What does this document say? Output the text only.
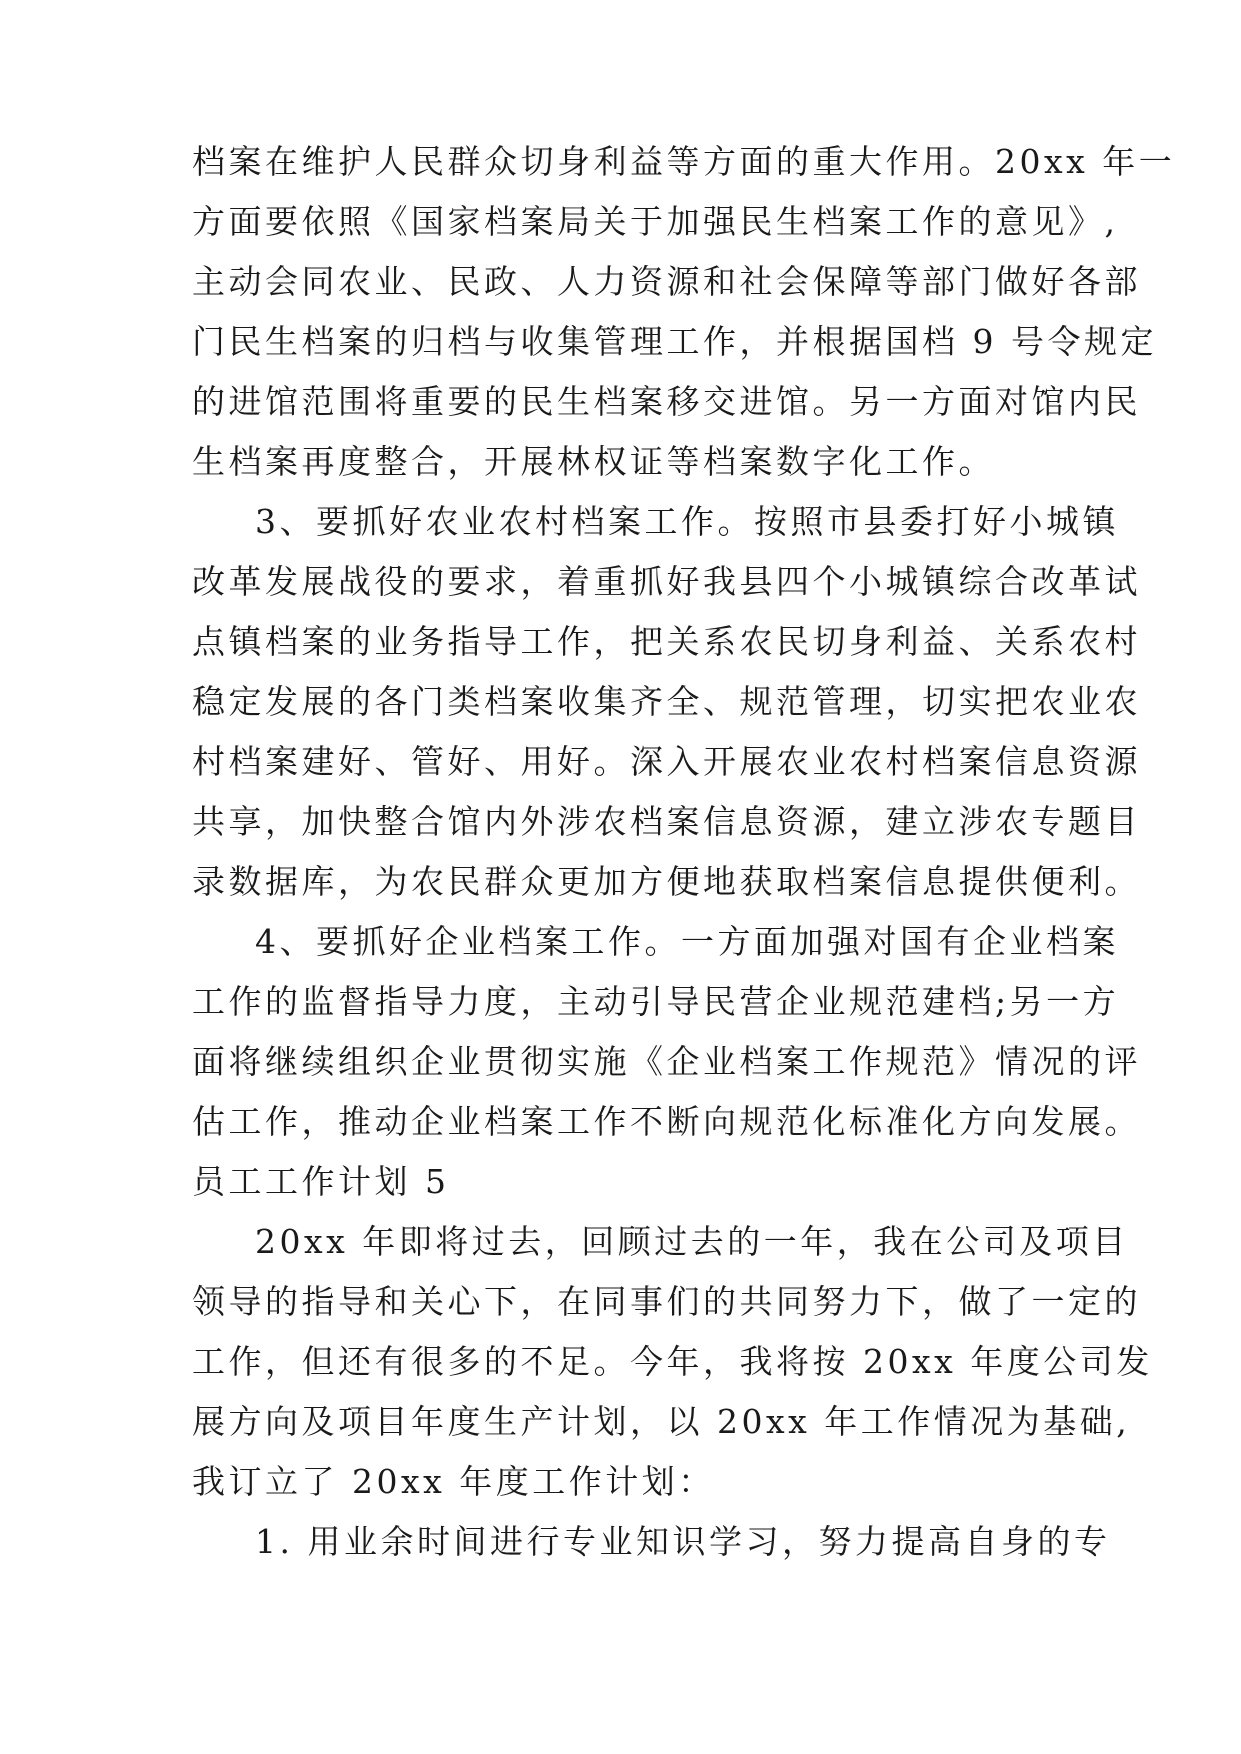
档案在维护人民群众切身利益等方面的重大作用。20xx 年一

方面要依照《国家档案局关于加强民生档案工作的意见》,

主动会同农业、民政、人力资源和社会保障等部门做好各部

门民生档案的归档与收集管理工作，并根据国档 9 号令规定

的进馆范围将重要的民生档案移交进馆。另一方面对馆内民

生档案再度整合，开展林权证等档案数字化工作。

3、要抓好农业农村档案工作。按照市县委打好小城镇

改革发展战役的要求，着重抓好我县四个小城镇综合改革试

点镇档案的业务指导工作，把关系农民切身利益、关系农村

稳定发展的各门类档案收集齐全、规范管理，切实把农业农

村档案建好、管好、用好。深入开展农业农村档案信息资源

共享，加快整合馆内外涉农档案信息资源，建立涉农专题目

录数据库，为农民群众更加方便地获取档案信息提供便利。

4、要抓好企业档案工作。一方面加强对国有企业档案

工作的监督指导力度，主动引导民营企业规范建档;另一方

面将继续组织企业贯彻实施《企业档案工作规范》情况的评

估工作，推动企业档案工作不断向规范化标准化方向发展。

员工工作计划 5

20xx 年即将过去，回顾过去的一年，我在公司及项目

领导的指导和关心下，在同事们的共同努力下，做了一定的

工作，但还有很多的不足。今年，我将按 20xx 年度公司发

展方向及项目年度生产计划，以 20xx 年工作情况为基础,

我订立了 20xx 年度工作计划：

1. 用业余时间进行专业知识学习，努力提高自身的专
